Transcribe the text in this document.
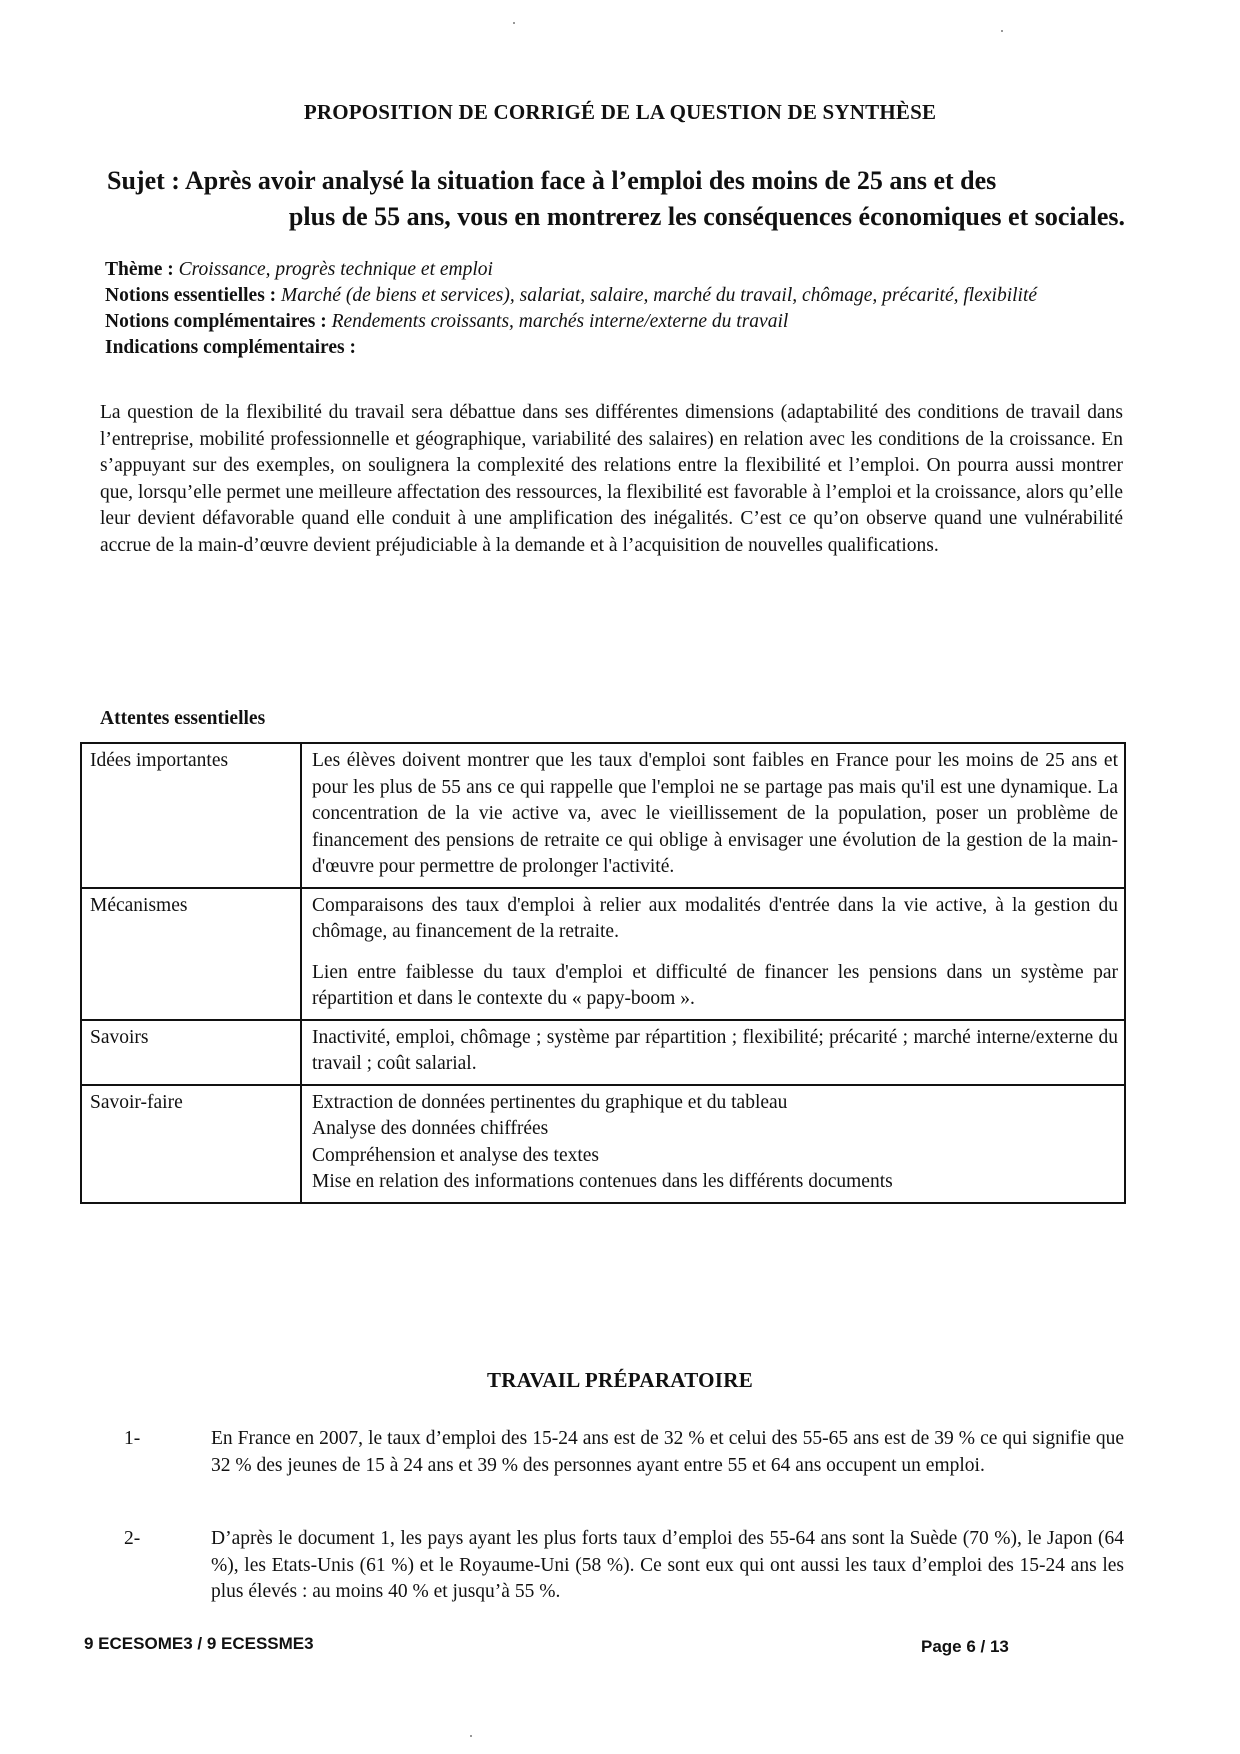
PROPOSITION DE CORRIGÉ DE LA QUESTION DE SYNTHÈSE
Sujet : Après avoir analysé la situation face à l’emploi des moins de 25 ans et des
plus de 55 ans, vous en montrerez les conséquences économiques et sociales.
Thème : Croissance, progrès technique et emploi
Notions essentielles : Marché (de biens et services), salariat, salaire, marché du travail, chômage, précarité, flexibilité
Notions complémentaires : Rendements croissants, marchés interne/externe du travail
Indications complémentaires :
La question de la flexibilité du travail sera débattue dans ses différentes dimensions (adaptabilité des conditions de travail dans l’entreprise, mobilité professionnelle et géographique, variabilité des salaires) en relation avec les conditions de la croissance. En s’appuyant sur des exemples, on soulignera la complexité des relations entre la flexibilité et l’emploi. On pourra aussi montrer que, lorsqu’elle permet une meilleure affectation des ressources, la flexibilité est favorable à l’emploi et la croissance, alors qu’elle leur devient défavorable quand elle conduit à une amplification des inégalités. C’est ce qu’on observe quand une vulnérabilité accrue de la main-d’œuvre devient préjudiciable à la demande et à l’acquisition de nouvelles qualifications.
Attentes essentielles
Idées importantes	Les élèves doivent montrer que les taux d'emploi sont faibles en France pour les moins de 25 ans et pour les plus de 55 ans ce qui rappelle que l'emploi ne se partage pas mais qu'il est une dynamique. La concentration de la vie active va, avec le vieillissement de la population, poser un problème de financement des pensions de retraite ce qui oblige à envisager une évolution de la gestion de la main-d'œuvre pour permettre de prolonger l'activité.

Mécanismes	Comparaisons des taux d'emploi à relier aux modalités d'entrée dans la vie active, à la gestion du chômage, au financement de la retraite.
Lien entre faiblesse du taux d'emploi et difficulté de financer les pensions dans un système par répartition et dans le contexte du « papy-boom ».

Savoirs	Inactivité, emploi, chômage ; système par répartition ; flexibilité; précarité ; marché interne/externe du travail ; coût salarial.

Savoir-faire	Extraction de données pertinentes du graphique et du tableau
Analyse des données chiffrées
Compréhension et analyse des textes
Mise en relation des informations contenues dans les différents documents
TRAVAIL PRÉPARATOIRE
1-	En France en 2007, le taux d’emploi des 15-24 ans est de 32 % et celui des 55-65 ans est de 39 % ce qui signifie que 32 % des jeunes de 15 à 24 ans et 39 % des personnes ayant entre 55 et 64 ans occupent un emploi.
2-	D’après le document 1, les pays ayant les plus forts taux d’emploi des 55-64 ans sont la Suède (70 %), le Japon (64 %), les Etats-Unis (61 %) et le Royaume-Uni (58 %). Ce sont eux qui ont aussi les taux d’emploi des 15-24 ans les plus élevés : au moins 40 % et jusqu’à 55 %.
9 ECESOME3 / 9 ECESSME3	Page 6 / 13
